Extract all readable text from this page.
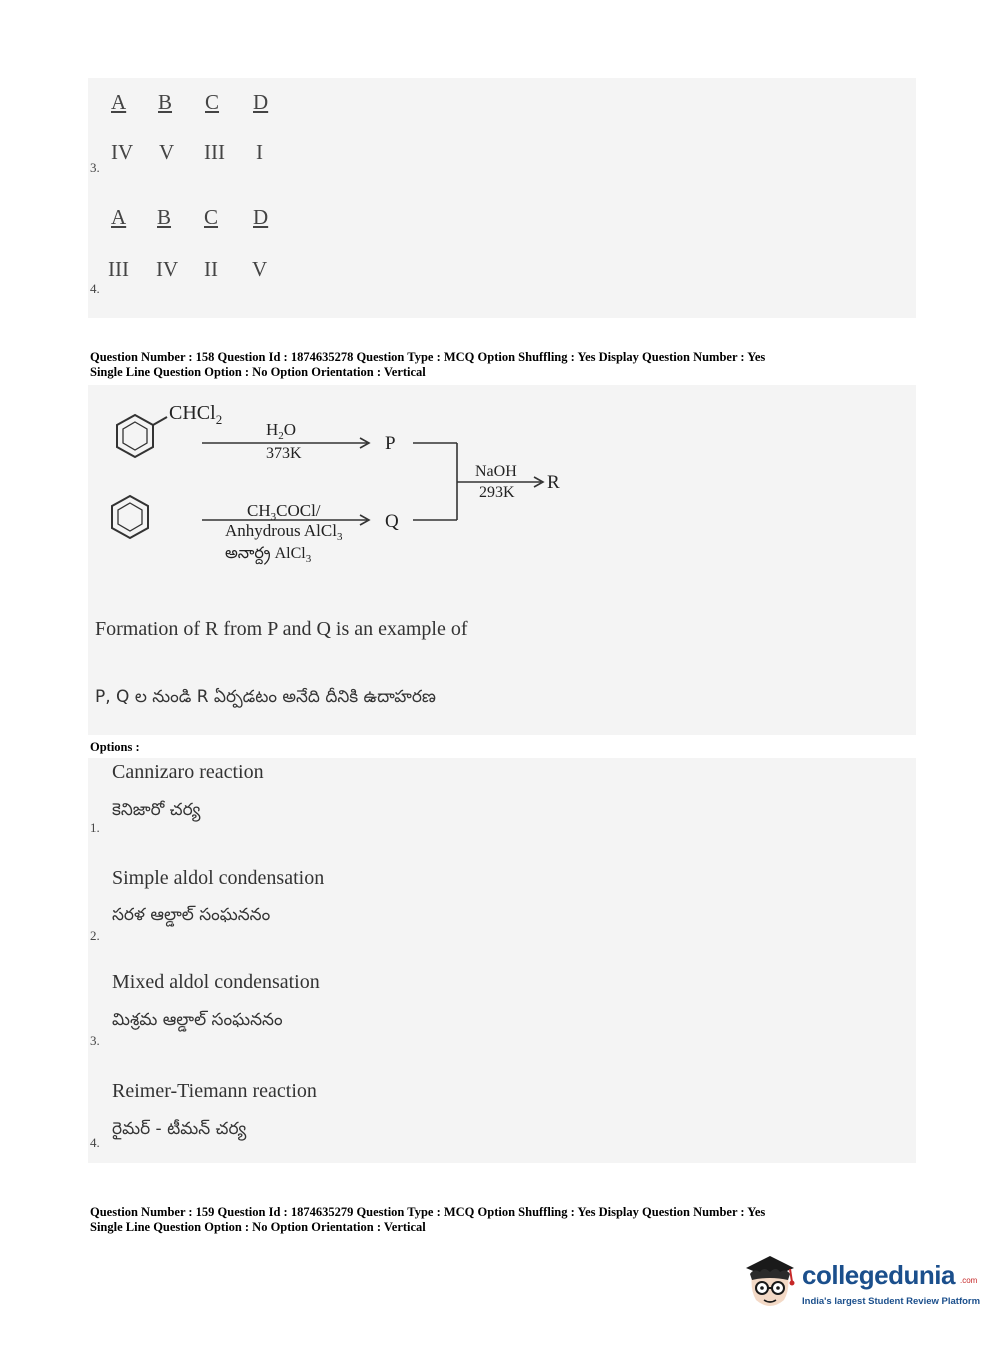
A B C D
IV V III I
3.
A B C D
III IV II V
4.
Question Number : 158 Question Id : 1874635278 Question Type : MCQ Option Shuffling : Yes Display Question Number : Yes
Single Line Question Option : No Option Orientation : Vertical
CHCl$_2$
$H_2O$
373K	P
$CH_3COCl/$
Anhydrous AlCl$_3$
అనార్ద్ర AlCl$_3$
Q
NaOH
293K R
Formation of R from P and Q is an example of
P, Q ల నుండి R ఏర్పడటం అనేది దీనికి ఉదాహరణ
Options :
Cannizaro reaction
కెనిజారో చర్య
1.
Simple aldol condensation
సరళ ఆల్డాల్ సంఘననం
2.
Mixed aldol condensation
మిశ్రమ ఆల్డాల్ సంఘననం
3.
Reimer-Tiemann reaction
రైమర్ - టీమన్ చర్య
4.
Question Number : 159 Question Id : 1874635279 Question Type : MCQ Option Shuffling : Yes Display Question Number : Yes
Single Line Question Option : No Option Orientation : Vertical
collegedunia .com
India's largest Student Review Platform
